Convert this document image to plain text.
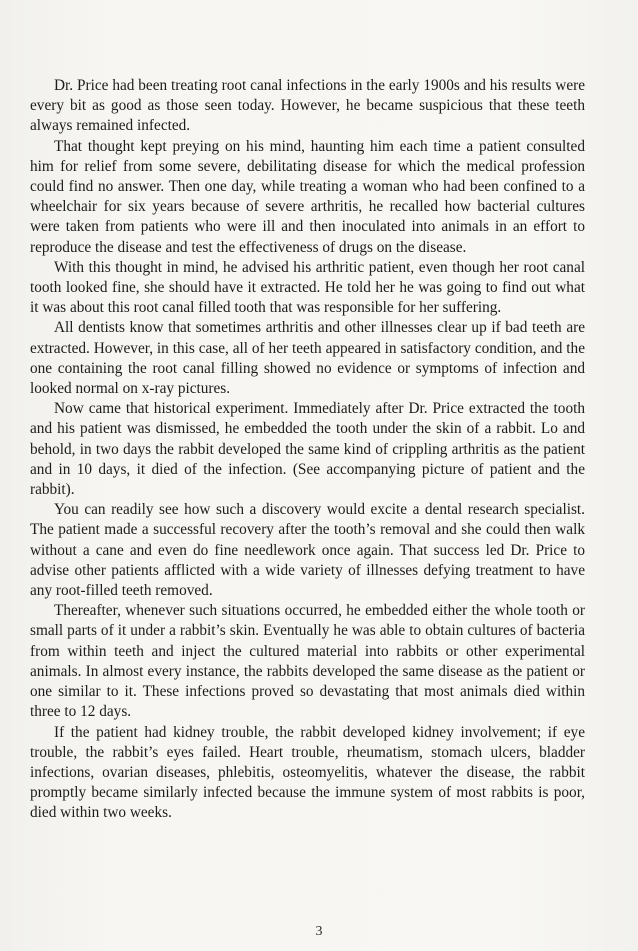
Dr. Price had been treating root canal infections in the early 1900s and his results were every bit as good as those seen today. However, he became suspicious that these teeth always remained infected.

That thought kept preying on his mind, haunting him each time a patient consulted him for relief from some severe, debilitating disease for which the medical profession could find no answer. Then one day, while treating a woman who had been confined to a wheelchair for six years because of severe arthritis, he recalled how bacterial cultures were taken from patients who were ill and then inoculated into animals in an effort to reproduce the disease and test the effectiveness of drugs on the disease.

With this thought in mind, he advised his arthritic patient, even though her root canal tooth looked fine, she should have it extracted. He told her he was going to find out what it was about this root canal filled tooth that was responsible for her suffering.

All dentists know that sometimes arthritis and other illnesses clear up if bad teeth are extracted. However, in this case, all of her teeth appeared in satisfactory condition, and the one containing the root canal filling showed no evidence or symptoms of infection and looked normal on x-ray pictures.

Now came that historical experiment. Immediately after Dr. Price extracted the tooth and his patient was dismissed, he embedded the tooth under the skin of a rabbit. Lo and behold, in two days the rabbit developed the same kind of crippling arthritis as the patient and in 10 days, it died of the infection. (See accompanying picture of patient and the rabbit).

You can readily see how such a discovery would excite a dental research specialist. The patient made a successful recovery after the tooth’s removal and she could then walk without a cane and even do fine needlework once again. That success led Dr. Price to advise other patients afflicted with a wide variety of illnesses defying treatment to have any root-filled teeth removed.

Thereafter, whenever such situations occurred, he embedded either the whole tooth or small parts of it under a rabbit’s skin. Eventually he was able to obtain cultures of bacteria from within teeth and inject the cultured material into rabbits or other experimental animals. In almost every instance, the rabbits developed the same disease as the patient or one similar to it. These infections proved so devastating that most animals died within three to 12 days.

If the patient had kidney trouble, the rabbit developed kidney involvement; if eye trouble, the rabbit’s eyes failed. Heart trouble, rheumatism, stomach ulcers, bladder infections, ovarian diseases, phlebitis, osteomyelitis, whatever the disease, the rabbit promptly became similarly infected because the immune system of most rabbits is poor, died within two weeks.

3
